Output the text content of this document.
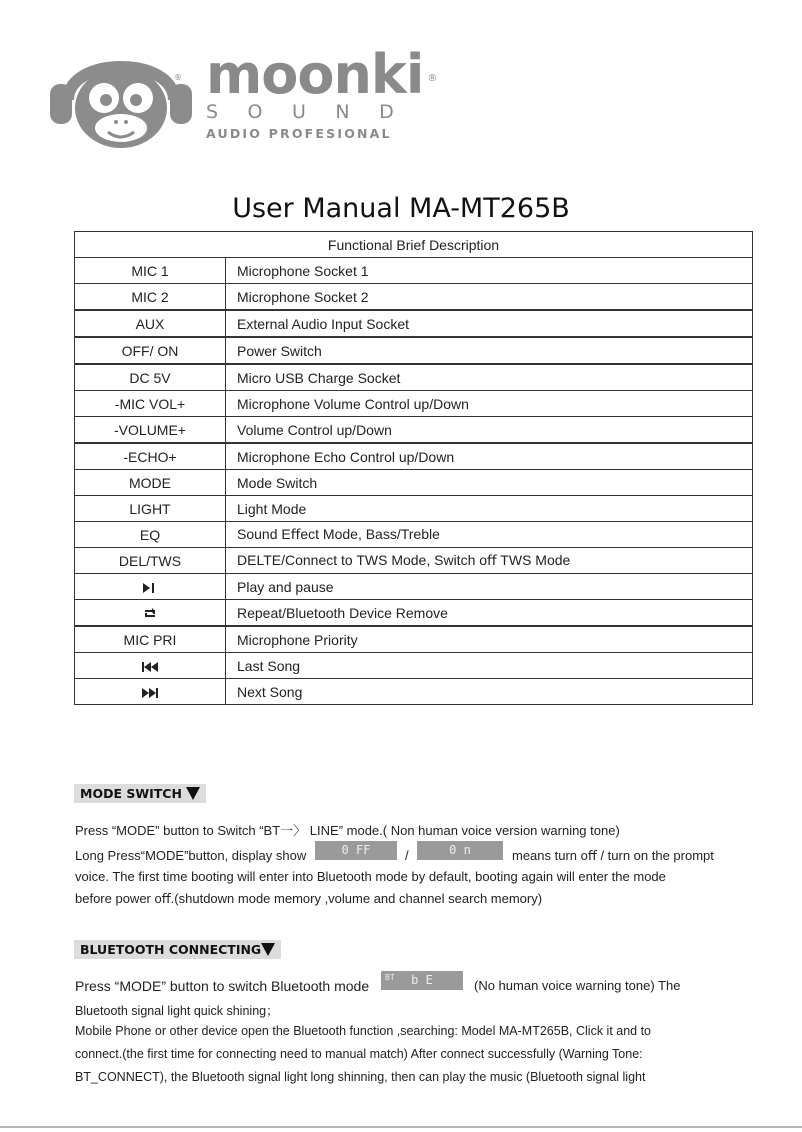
® moonki ®
SOUND
AUDIO PROFESIONAL
User Manual MA-MT265B
Functional Brief Description	
MIC 1	Microphone Socket 1
MIC 2	Microphone Socket 2
AUX	External Audio Input Socket
OFF/ ON	Power Switch
DC 5V	Micro USB Charge Socket
-MIC VOL+	Microphone Volume Control up/Down
-VOLUME+	Volume Control up/Down
-ECHO+	Microphone Echo Control up/Down
MODE	Mode Switch
LIGHT	Light Mode
EQ	Sound Eﬀect Mode, Bass/Treble
DEL/TWS	DELTE/Connect to TWS Mode, Switch oﬀ TWS Mode
	Play and pause
	Repeat/Bluetooth Device Remove
MIC PRI	Microphone Priority
	Last Song
	Next Song
MODE SWITCH
Press “MODE” button to Switch “BT一〉 LINE” mode.( Non human voice version warning tone)
Long Press“MODE”button, display show	0 FF	/	0 n	means turn oﬀ / turn on the prompt
voice. The ﬁrst time booting will enter into Bluetooth mode by default, booting again will enter the mode
before power oﬀ.(shutdown mode memory ,volume and channel search memory)
BLUETOOTH CONNECTING
Press “MODE” button to switch Bluetooth mode
BT b E	(No human voice warning tone) The
Bluetooth signal light quick shining；
Mobile Phone or other device open the Bluetooth function ,searching: Model MA-MT265B, Click it and to
connect.(the ﬁrst time for connecting need to manual match) After connect successfully (Warning Tone:
BT_CONNECT), the Bluetooth signal light long shinning, then can play the music (Bluetooth signal light
